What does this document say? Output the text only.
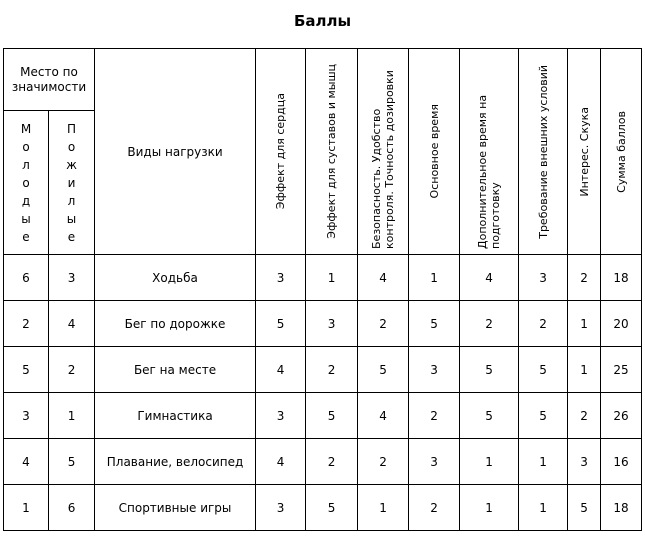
Баллы
Место по значимости		Виды нагрузки	Эффект для сердца	Эффект для суставов и мышц	Безопасность. Удобство контроля. Точность дозировки	Основное время	Дополнительное время на подготовку	Требование внешних условий	Интерес. Скука	Сумма баллов

Молодые	Пожилые									
6	3	Ходьба	3	1	4	1	4	3	2	18
2	4	Бег по дорожке	5	3	2	5	2	2	1	20
5	2	Бег на месте	4	2	5	3	5	5	1	25
3	1	Гимнастика	3	5	4	2	5	5	2	26
4	5	Плавание, велосипед	4	2	2	3	1	1	3	16
1	6	Спортивные игры	3	5	1	2	1	1	5	18
